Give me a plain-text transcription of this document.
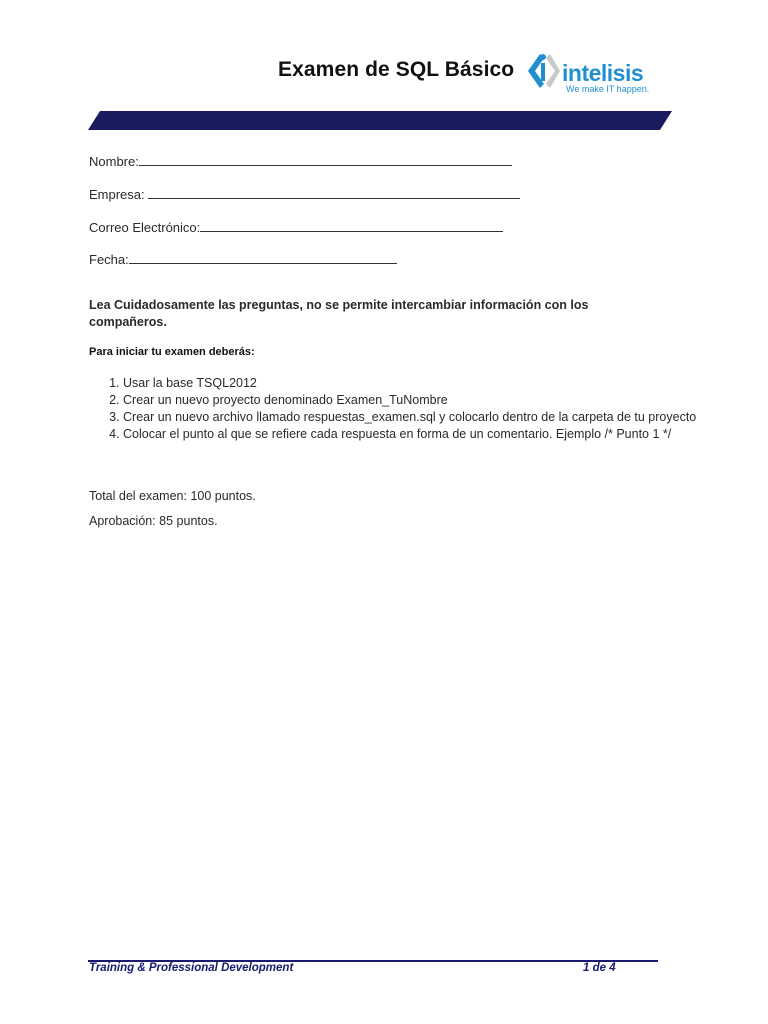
Examen de SQL Básico intelisis
We make IT happen.
Nombre:
Empresa:
Correo Electrónico:
Fecha:
Lea Cuidadosamente las preguntas, no se permite intercambiar información con los compañeros.
Para iniciar tu examen deberás:
1. Usar la base TSQL2012
2. Crear un nuevo proyecto denominado Examen_TuNombre
3. Crear un nuevo archivo llamado respuestas_examen.sql y colocarlo dentro de la carpeta de tu proyecto
4. Colocar el punto al que se refiere cada respuesta en forma de un comentario. Ejemplo /* Punto 1 */
Total del examen: 100 puntos.
Aprobación: 85 puntos.
Training & Professional Development	1 de 4
